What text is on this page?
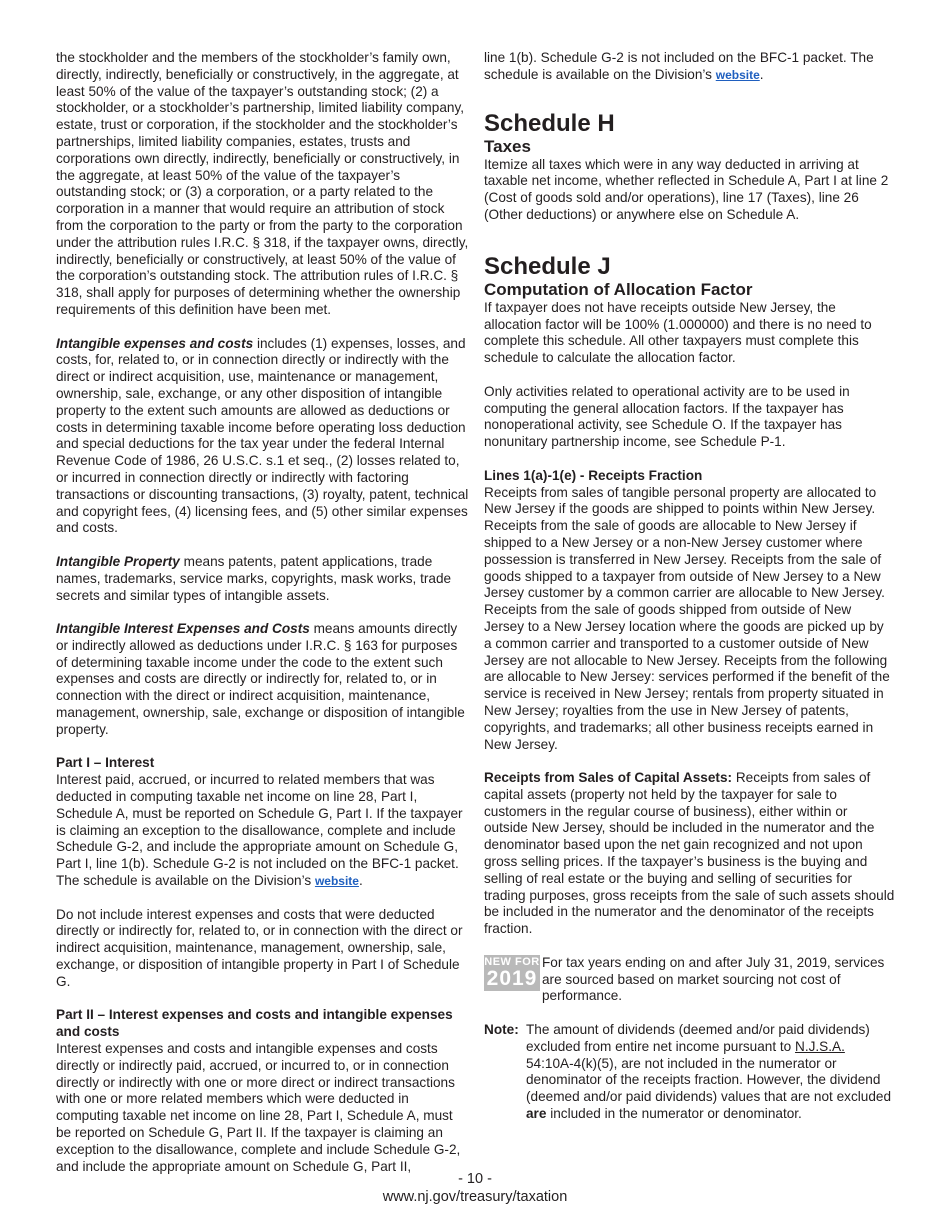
the stockholder and the members of the stockholder’s family own, directly, indirectly, beneficially or constructively, in the aggregate, at least 50% of the value of the taxpayer’s outstanding stock; (2) a stockholder, or a stockholder’s partnership, limited liability company, estate, trust or corporation, if the stockholder and the stockholder’s partnerships, limited liability companies, estates, trusts and corporations own directly, indirectly, beneficially or constructively, in the aggregate, at least 50% of the value of the taxpayer’s outstanding stock; or (3) a corporation, or a party related to the corporation in a manner that would require an attribution of stock from the corporation to the party or from the party to the corporation under the attribution rules I.R.C. § 318, if the taxpayer owns, directly, indirectly, beneficially or constructively, at least 50% of the value of the corporation’s outstanding stock. The attribution rules of I.R.C. § 318, shall apply for purposes of determining whether the ownership requirements of this definition have been met.

Intangible expenses and costs includes (1) expenses, losses, and costs, for, related to, or in connection directly or indirectly with the direct or indirect acquisition, use, maintenance or management, ownership, sale, exchange, or any other disposition of intangible property to the extent such amounts are allowed as deductions or costs in determining taxable income before operating loss deduction and special deductions for the tax year under the federal Internal Revenue Code of 1986, 26 U.S.C. s.1 et seq., (2) losses related to, or incurred in connection directly or indirectly with factoring transactions or discounting transactions, (3) royalty, patent, technical and copyright fees, (4) licensing fees, and (5) other similar expenses and costs.

Intangible Property means patents, patent applications, trade names, trademarks, service marks, copyrights, mask works, trade secrets and similar types of intangible assets.

Intangible Interest Expenses and Costs means amounts directly or indirectly allowed as deductions under I.R.C. § 163 for purposes of determining taxable income under the code to the extent such expenses and costs are directly or indirectly for, related to, or in connection with the direct or indirect acquisition, maintenance, management, ownership, sale, exchange or disposition of intangible property.

Part I – Interest

Interest paid, accrued, or incurred to related members that was deducted in computing taxable net income on line 28, Part I, Schedule A, must be reported on Schedule G, Part I. If the taxpayer is claiming an exception to the disallowance, complete and include Schedule G-2, and include the appropriate amount on Schedule G, Part I, line 1(b). Schedule G-2 is not included on the BFC-1 packet. The schedule is available on the Division’s website.

Do not include interest expenses and costs that were deducted directly or indirectly for, related to, or in connection with the direct or indirect acquisition, maintenance, management, ownership, sale, exchange, or disposition of intangible property in Part I of Schedule G.

Part II – Interest expenses and costs and intangible expenses and costs

Interest expenses and costs and intangible expenses and costs directly or indirectly paid, accrued, or incurred to, or in connection directly or indirectly with one or more direct or indirect transactions with one or more related members which were deducted in computing taxable net income on line 28, Part I, Schedule A, must be reported on Schedule G, Part II. If the taxpayer is claiming an exception to the disallowance, complete and include Schedule G-2, and include the appropriate amount on Schedule G, Part II,

line 1(b). Schedule G-2 is not included on the BFC-1 packet. The schedule is available on the Division’s website.

Schedule H
Taxes

Itemize all taxes which were in any way deducted in arriving at taxable net income, whether reflected in Schedule A, Part I at line 2 (Cost of goods sold and/or operations), line 17 (Taxes), line 26 (Other deductions) or anywhere else on Schedule A.

Schedule J
Computation of Allocation Factor

If taxpayer does not have receipts outside New Jersey, the allocation factor will be 100% (1.000000) and there is no need to complete this schedule. All other taxpayers must complete this schedule to calculate the allocation factor.

Only activities related to operational activity are to be used in computing the general allocation factors. If the taxpayer has nonoperational activity, see Schedule O. If the taxpayer has nonunitary partnership income, see Schedule P-1.

Lines 1(a)-1(e) - Receipts Fraction

Receipts from sales of tangible personal property are allocated to New Jersey if the goods are shipped to points within New Jersey. Receipts from the sale of goods are allocable to New Jersey if shipped to a New Jersey or a non-New Jersey customer where possession is transferred in New Jersey. Receipts from the sale of goods shipped to a taxpayer from outside of New Jersey to a New Jersey customer by a common carrier are allocable to New Jersey. Receipts from the sale of goods shipped from outside of New Jersey to a New Jersey location where the goods are picked up by a common carrier and transported to a customer outside of New Jersey are not allocable to New Jersey. Receipts from the following are allocable to New Jersey: services performed if the benefit of the service is received in New Jersey; rentals from property situated in New Jersey; royalties from the use in New Jersey of patents, copyrights, and trademarks; all other business receipts earned in New Jersey.

Receipts from Sales of Capital Assets: Receipts from sales of capital assets (property not held by the taxpayer for sale to customers in the regular course of business), either within or outside New Jersey, should be included in the numerator and the denominator based upon the net gain recognized and not upon gross selling prices. If the taxpayer’s business is the buying and selling of real estate or the buying and selling of securities for trading purposes, gross receipts from the sale of such assets should be included in the numerator and the denominator of the receipts fraction.

NEW FOR
2019
For tax years ending on and after July 31, 2019, services are sourced based on market sourcing not cost of performance.
Note: The amount of dividends (deemed and/or paid dividends) excluded from entire net income pursuant to N.J.S.A. 54:10A-4(k)(5), are not included in the numerator or denominator of the receipts fraction. However, the dividend (deemed and/or paid dividends) values that are not excluded are included in the numerator or denominator.
- 10 -
www.nj.gov/treasury/taxation
